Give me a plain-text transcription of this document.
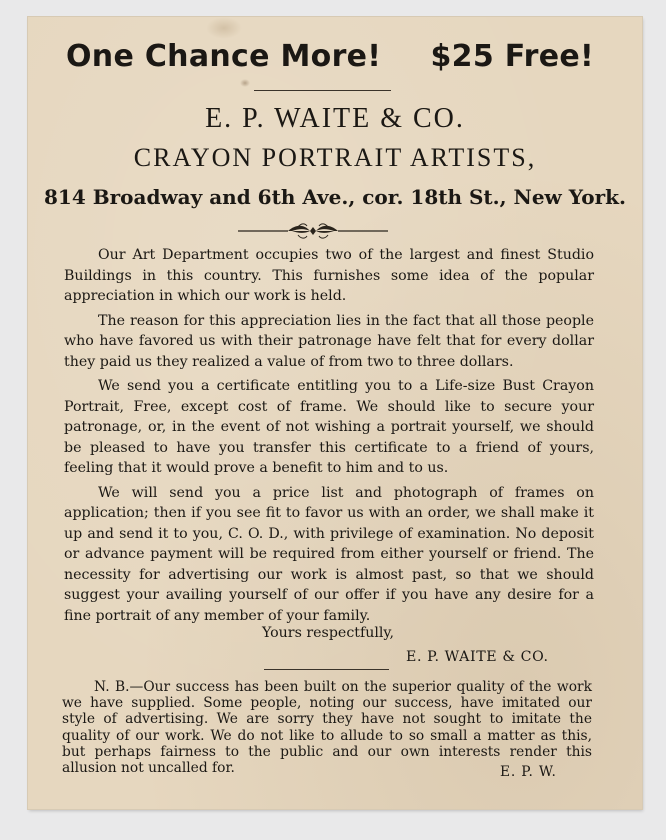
One Chance More! $25 Free!
E. P. WAITE & CO.
CRAYON PORTRAIT ARTISTS,
814 Broadway and 6th Ave., cor. 18th St., New York.

Our Art Department occupies two of the largest and finest Studio Buildings in this country. This furnishes some idea of the popular appreciation in which our work is held.

The reason for this appreciation lies in the fact that all those people who have favored us with their patronage have felt that for every dollar they paid us they realized a value of from two to three dollars.

We send you a certificate entitling you to a Life-size Bust Crayon Portrait, Free, except cost of frame. We should like to secure your patronage, or, in the event of not wishing a portrait yourself, we should be pleased to have you transfer this certificate to a friend of yours, feeling that it would prove a benefit to him and to us.

We will send you a price list and photograph of frames on application; then if you see fit to favor us with an order, we shall make it up and send it to you, C. O. D., with privilege of examination. No deposit or advance payment will be required from either yourself or friend. The necessity for advertising our work is almost past, so that we should suggest your availing yourself of our offer if you have any desire for a fine portrait of any member of your family.

Yours respectfully,
E. P. WAITE & CO.

N. B.—Our success has been built on the superior quality of the work we have supplied. Some people, noting our success, have imitated our style of advertising. We are sorry they have not sought to imitate the quality of our work. We do not like to allude to so small a matter as this, but perhaps fairness to the public and our own interests render this allusion not uncalled for.	E. P. W.
